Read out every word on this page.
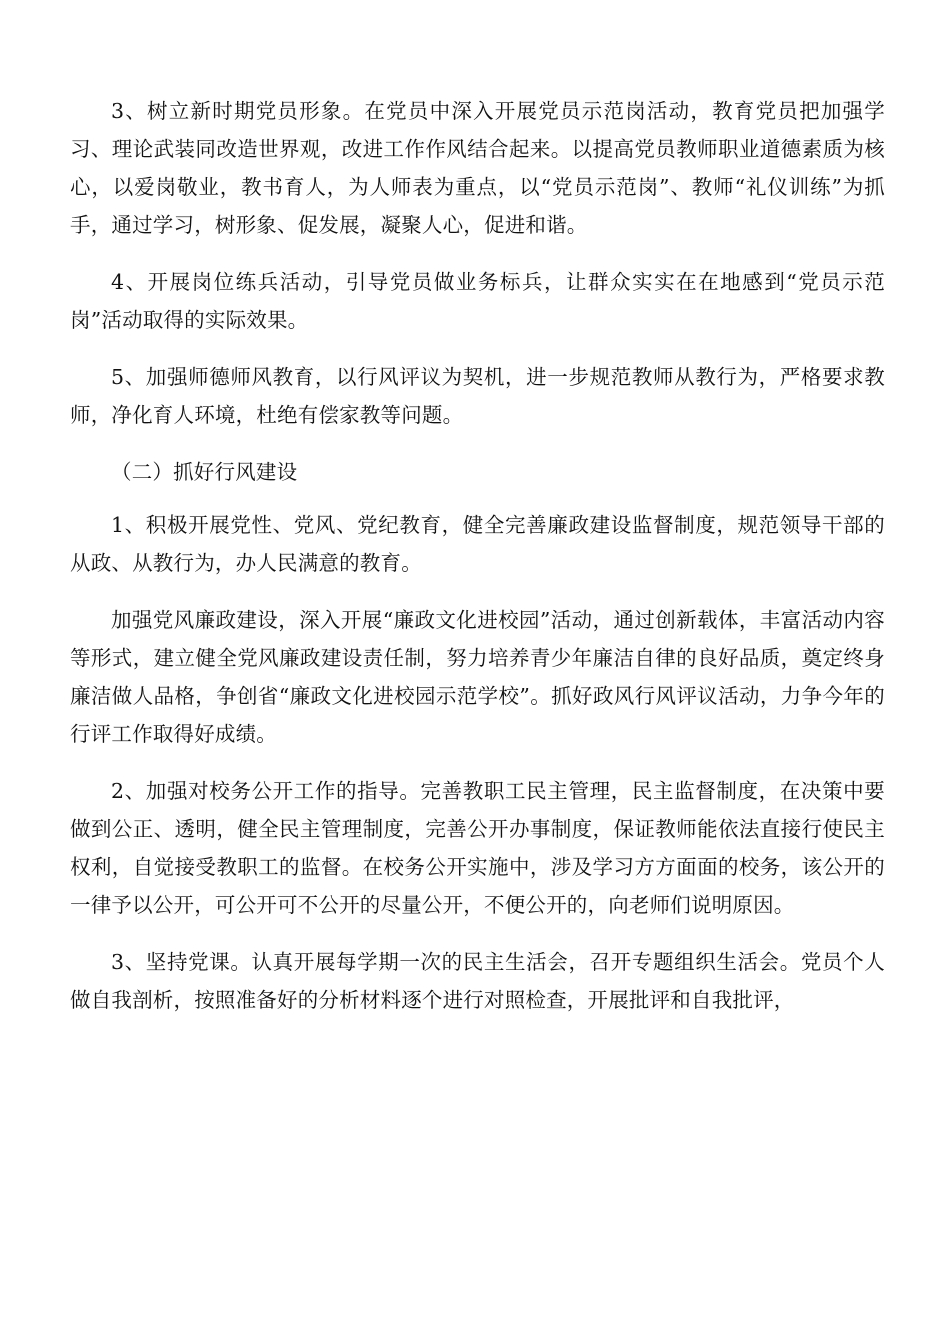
3、树立新时期党员形象。在党员中深入开展党员示范岗活动，教育党员把加强学习、理论武装同改造世界观，改进工作作风结合起来。以提高党员教师职业道德素质为核心，以爱岗敬业，教书育人，为人师表为重点，以“党员示范岗”、教师“礼仪训练”为抓手，通过学习，树形象、促发展，凝聚人心，促进和谐。

4、开展岗位练兵活动，引导党员做业务标兵，让群众实实在在地感到“党员示范岗”活动取得的实际效果。

5、加强师德师风教育，以行风评议为契机，进一步规范教师从教行为，严格要求教师，净化育人环境，杜绝有偿家教等问题。

（二）抓好行风建设

1、积极开展党性、党风、党纪教育，健全完善廉政建设监督制度，规范领导干部的从政、从教行为，办人民满意的教育。

加强党风廉政建设，深入开展“廉政文化进校园”活动，通过创新载体，丰富活动内容等形式，建立健全党风廉政建设责任制，努力培养青少年廉洁自律的良好品质，奠定终身廉洁做人品格，争创省“廉政文化进校园示范学校”。抓好政风行风评议活动，力争今年的行评工作取得好成绩。

2、加强对校务公开工作的指导。完善教职工民主管理，民主监督制度，在决策中要做到公正、透明，健全民主管理制度，完善公开办事制度，保证教师能依法直接行使民主权利，自觉接受教职工的监督。在校务公开实施中，涉及学习方方面面的校务，该公开的一律予以公开，可公开可不公开的尽量公开，不便公开的，向老师们说明原因。

3、坚持党课。认真开展每学期一次的民主生活会，召开专题组织生活会。党员个人做自我剖析，按照准备好的分析材料逐个进行对照检查，开展批评和自我批评，
